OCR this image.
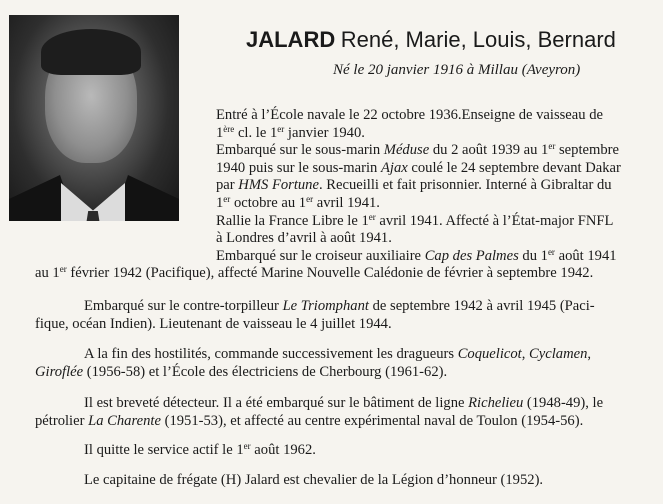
JALARD René, Marie, Louis, Bernard
Né le 20 janvier 1916 à Millau (Aveyron)
Entré à l’École navale le 22 octobre 1936.Enseigne de vaisseau de
1ère cl. le 1er janvier 1940.
Embarqué sur le sous-marin Méduse du 2 août 1939 au 1er septembre
1940 puis sur le sous-marin Ajax coulé le 24 septembre devant Dakar
par HMS Fortune. Recueilli et fait prisonnier. Interné à Gibraltar du
1er octobre au 1er avril 1941.
Rallie la France Libre le 1er avril 1941. Affecté à l’État-major FNFL
à Londres d’avril à août 1941.
Embarqué sur le croiseur auxiliaire Cap des Palmes du 1er août 1941
au 1er février 1942 (Pacifique), affecté Marine Nouvelle Calédonie de février à septembre 1942.
Embarqué sur le contre-torpilleur Le Triomphant de septembre 1942 à avril 1945 (Paci-
fique, océan Indien). Lieutenant de vaisseau le 4 juillet 1944.
A la fin des hostilités, commande successivement les dragueurs Coquelicot, Cyclamen,
Giroflée (1956-58) et l’École des électriciens de Cherbourg (1961-62).
Il est breveté détecteur. Il a été embarqué sur le bâtiment de ligne Richelieu (1948-49), le
pétrolier La Charente (1951-53), et affecté au centre expérimental naval de Toulon (1954-56).
Il quitte le service actif le 1er août 1962.
Le capitaine de frégate (H) Jalard est chevalier de la Légion d’honneur (1952).
